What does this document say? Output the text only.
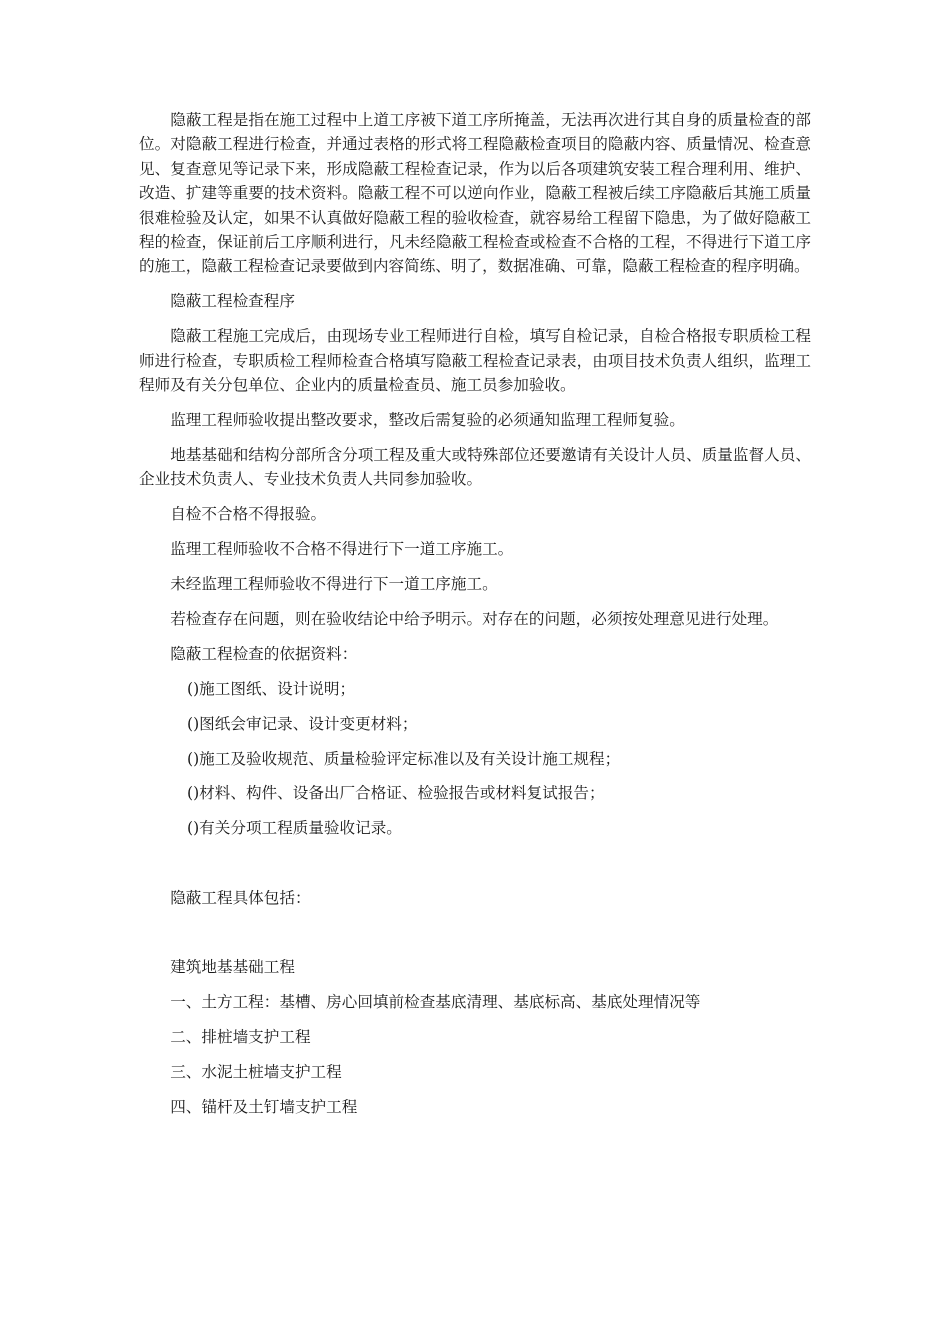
隐蔽工程是指在施工过程中上道工序被下道工序所掩盖，无法再次进行其自身的质量检查的部位。对隐蔽工程进行检查，并通过表格的形式将工程隐蔽检查项目的隐蔽内容、质量情况、检查意见、复查意见等记录下来，形成隐蔽工程检查记录，作为以后各项建筑安装工程合理利用、维护、改造、扩建等重要的技术资料。隐蔽工程不可以逆向作业，隐蔽工程被后续工序隐蔽后其施工质量很难检验及认定，如果不认真做好隐蔽工程的验收检查，就容易给工程留下隐患，为了做好隐蔽工程的检查，保证前后工序顺利进行，凡未经隐蔽工程检查或检查不合格的工程，不得进行下道工序的施工，隐蔽工程检查记录要做到内容简练、明了，数据准确、可靠，隐蔽工程检查的程序明确。

隐蔽工程检查程序

隐蔽工程施工完成后，由现场专业工程师进行自检，填写自检记录，自检合格报专职质检工程师进行检查，专职质检工程师检查合格填写隐蔽工程检查记录表，由项目技术负责人组织，监理工程师及有关分包单位、企业内的质量检查员、施工员参加验收。

监理工程师验收提出整改要求，整改后需复验的必须通知监理工程师复验。

地基基础和结构分部所含分项工程及重大或特殊部位还要邀请有关设计人员、质量监督人员、企业技术负责人、专业技术负责人共同参加验收。

自检不合格不得报验。

监理工程师验收不合格不得进行下一道工序施工。

未经监理工程师验收不得进行下一道工序施工。

若检查存在问题，则在验收结论中给予明示。对存在的问题，必须按处理意见进行处理。

隐蔽工程检查的依据资料：

()施工图纸、设计说明；

()图纸会审记录、设计变更材料；

()施工及验收规范、质量检验评定标准以及有关设计施工规程；

()材料、构件、设备出厂合格证、检验报告或材料复试报告；

()有关分项工程质量验收记录。

隐蔽工程具体包括：

建筑地基基础工程

一、土方工程：基槽、房心回填前检查基底清理、基底标高、基底处理情况等

二、排桩墙支护工程

三、水泥土桩墙支护工程

四、锚杆及土钉墙支护工程
